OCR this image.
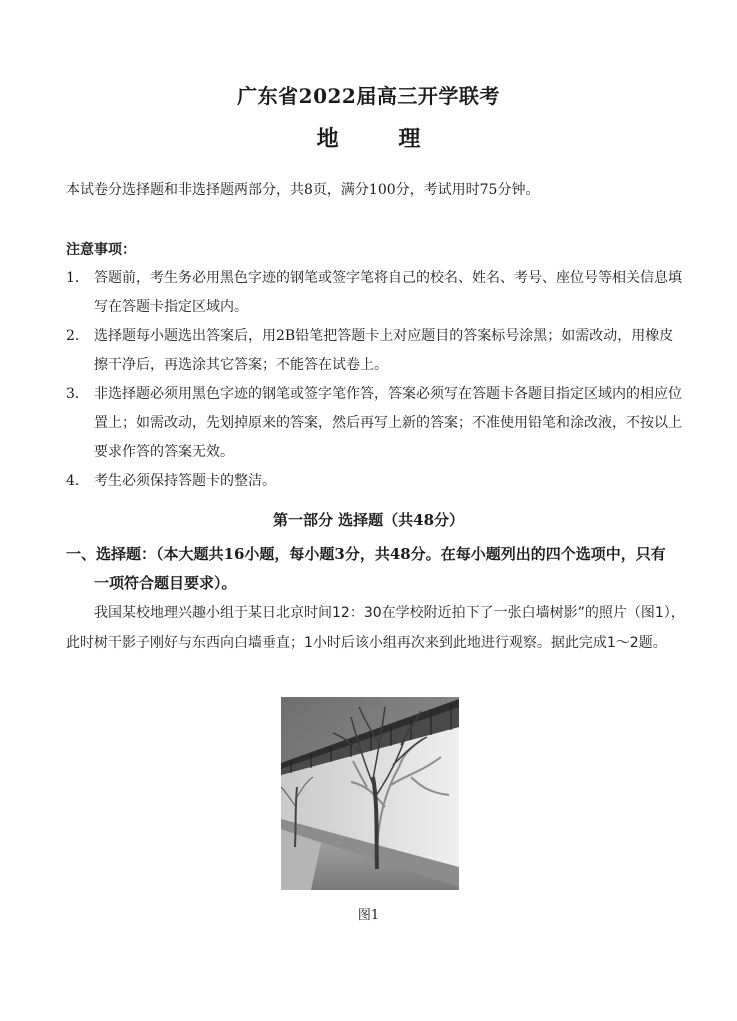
广东省2022届高三开学联考
地 理
本试卷分选择题和非选择题两部分，共8页，满分100分，考试用时75分钟。
注意事项：
1． 答题前，考生务必用黑色字迹的钢笔或签字笔将自己的校名、姓名、考号、座位号等相关信息填写在答题卡指定区域内。
2． 选择题每小题选出答案后，用2B铅笔把答题卡上对应题目的答案标号涂黑；如需改动，用橡皮擦干净后，再选涂其它答案；不能答在试卷上。
3． 非选择题必须用黑色字迹的钢笔或签字笔作答，答案必须写在答题卡各题目指定区域内的相应位置上；如需改动，先划掉原来的答案，然后再写上新的答案；不准使用铅笔和涂改液，不按以上要求作答的答案无效。
4． 考生必须保持答题卡的整洁。
第一部分 选择题（共48分）
一、选择题：（本大题共16小题，每小题3分，共48分。在每小题列出的四个选项中，只有
一项符合题目要求）。
我国某校地理兴趣小组于某日北京时间12：30在学校附近拍下了一张白墙树影”的照片（图1），此时树干影子刚好与东西向白墙垂直；1小时后该小组再次来到此地进行观察。据此完成1～2题。
图1
